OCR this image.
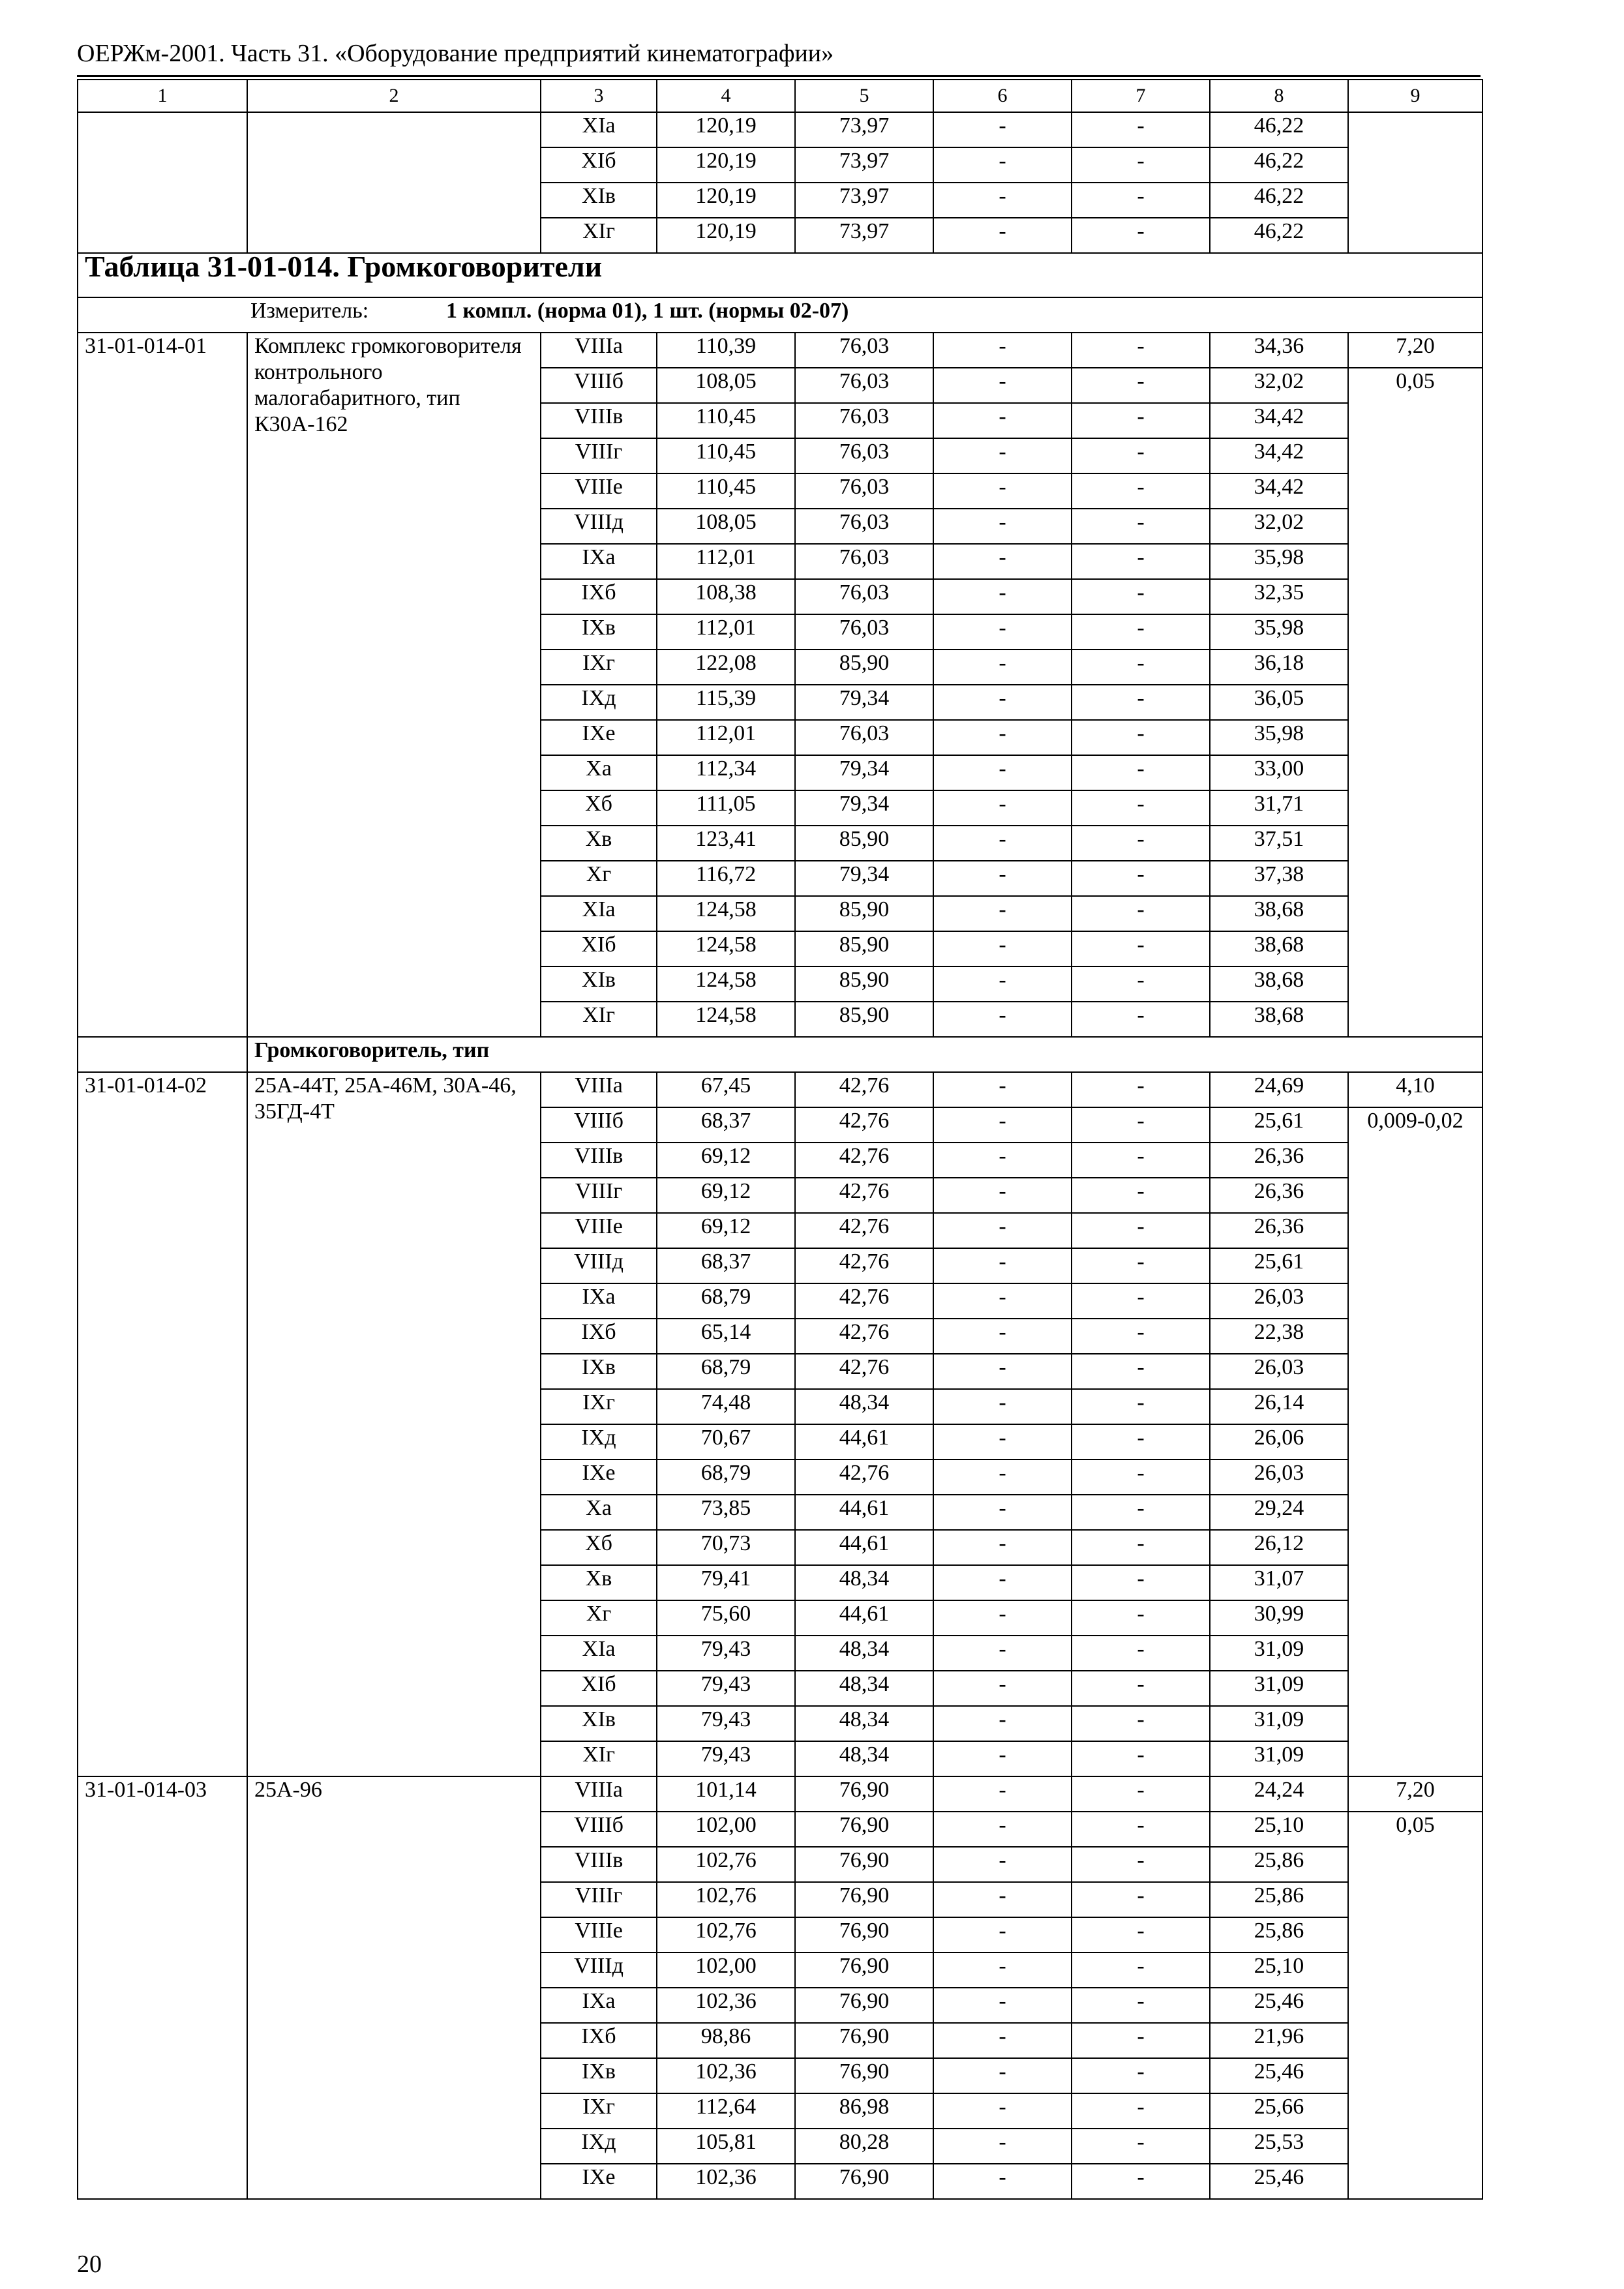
ОЕРЖм-2001. Часть 31. «Оборудование предприятий кинематографии»
1	2	3	4	5	6	7	8	9
		XIа	120,19	73,97	-	-	46,22	
		XIб	120,19	73,97	-	-	46,22	
		XIв	120,19	73,97	-	-	46,22	
		XIг	120,19	73,97	-	-	46,22	
Таблица 31-01-014. Громкоговорители								
Измеритель: 1 компл. (норма 01), 1 шт. (нормы 02-07)								
31-01-014-01	Комплекс громкоговорителя контрольного малогабаритного, тип К30А-162	VIIIа	110,39	76,03	-	-	34,36	7,20
		VIIIб	108,05	76,03	-	-	32,02	0,05
		VIIIв	110,45	76,03	-	-	34,42	
		VIIIг	110,45	76,03	-	-	34,42	
		VIIIе	110,45	76,03	-	-	34,42	
		VIIIд	108,05	76,03	-	-	32,02	
		IXа	112,01	76,03	-	-	35,98	
		IXб	108,38	76,03	-	-	32,35	
		IXв	112,01	76,03	-	-	35,98	
		IXг	122,08	85,90	-	-	36,18	
		IXд	115,39	79,34	-	-	36,05	
		IXе	112,01	76,03	-	-	35,98	
		Xа	112,34	79,34	-	-	33,00	
		Xб	111,05	79,34	-	-	31,71	
		Xв	123,41	85,90	-	-	37,51	
		Xг	116,72	79,34	-	-	37,38	
		XIа	124,58	85,90	-	-	38,68	
		XIб	124,58	85,90	-	-	38,68	
		XIв	124,58	85,90	-	-	38,68	
		XIг	124,58	85,90	-	-	38,68	
	Громкоговоритель, тип							
31-01-014-02	25А-44Т, 25А-46М, 30А-46, 35ГД-4Т	VIIIа	67,45	42,76	-	-	24,69	4,10
		VIIIб	68,37	42,76	-	-	25,61	0,009-0,02
		VIIIв	69,12	42,76	-	-	26,36	
		VIIIг	69,12	42,76	-	-	26,36	
		VIIIе	69,12	42,76	-	-	26,36	
		VIIIд	68,37	42,76	-	-	25,61	
		IXа	68,79	42,76	-	-	26,03	
		IXб	65,14	42,76	-	-	22,38	
		IXв	68,79	42,76	-	-	26,03	
		IXг	74,48	48,34	-	-	26,14	
		IXд	70,67	44,61	-	-	26,06	
		IXе	68,79	42,76	-	-	26,03	
		Xа	73,85	44,61	-	-	29,24	
		Xб	70,73	44,61	-	-	26,12	
		Xв	79,41	48,34	-	-	31,07	
		Xг	75,60	44,61	-	-	30,99	
		XIа	79,43	48,34	-	-	31,09	
		XIб	79,43	48,34	-	-	31,09	
		XIв	79,43	48,34	-	-	31,09	
		XIг	79,43	48,34	-	-	31,09	
31-01-014-03	25А-96	VIIIа	101,14	76,90	-	-	24,24	7,20
		VIIIб	102,00	76,90	-	-	25,10	0,05
		VIIIв	102,76	76,90	-	-	25,86	
		VIIIг	102,76	76,90	-	-	25,86	
		VIIIе	102,76	76,90	-	-	25,86	
		VIIIд	102,00	76,90	-	-	25,10	
		IXа	102,36	76,90	-	-	25,46	
		IXб	98,86	76,90	-	-	21,96	
		IXв	102,36	76,90	-	-	25,46	
		IXг	112,64	86,98	-	-	25,66	
		IXд	105,81	80,28	-	-	25,53	
		IXе	102,36	76,90	-	-	25,46	
20
